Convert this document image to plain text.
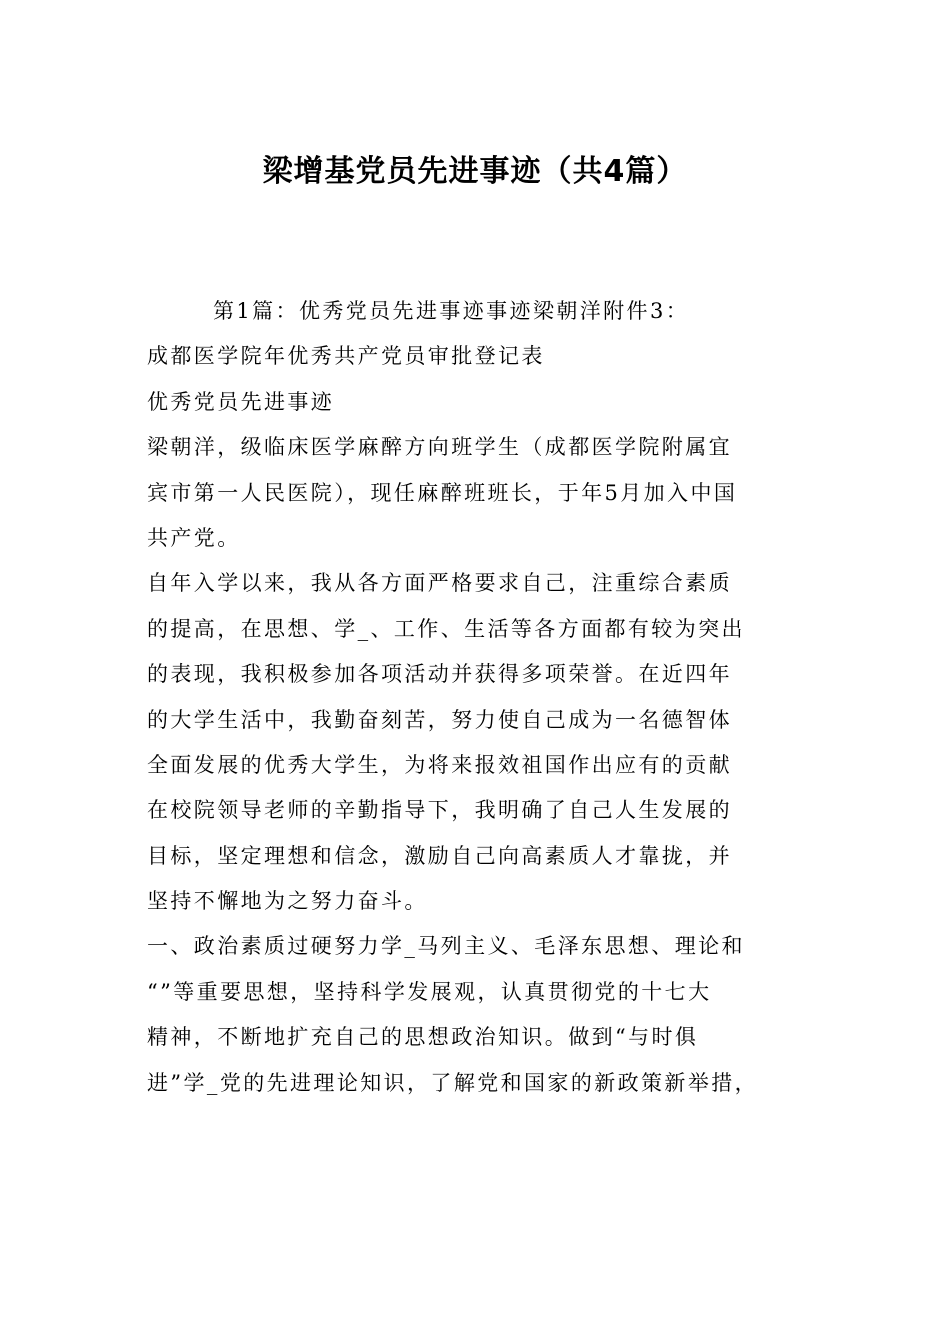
梁增基党员先进事迹（共4篇）
第1篇：优秀党员先进事迹事迹梁朝洋附件3：
成都医学院年优秀共产党员审批登记表
优秀党员先进事迹
梁朝洋，级临床医学麻醉方向班学生（成都医学院附属宜
宾市第一人民医院），现任麻醉班班长，于年5月加入中国
共产党。
自年入学以来，我从各方面严格要求自己，注重综合素质
的提高，在思想、学_、工作、生活等各方面都有较为突出
的表现，我积极参加各项活动并获得多项荣誉。在近四年
的大学生活中，我勤奋刻苦，努力使自己成为一名德智体
全面发展的优秀大学生，为将来报效祖国作出应有的贡献
在校院领导老师的辛勤指导下，我明确了自己人生发展的
目标，坚定理想和信念，激励自己向高素质人才靠拢，并
坚持不懈地为之努力奋斗。
一、政治素质过硬努力学_马列主义、毛泽东思想、理论和
“”等重要思想，坚持科学发展观，认真贯彻党的十七大
精神，不断地扩充自己的思想政治知识。做到“与时俱
进”学_党的先进理论知识，了解党和国家的新政策新举措，
